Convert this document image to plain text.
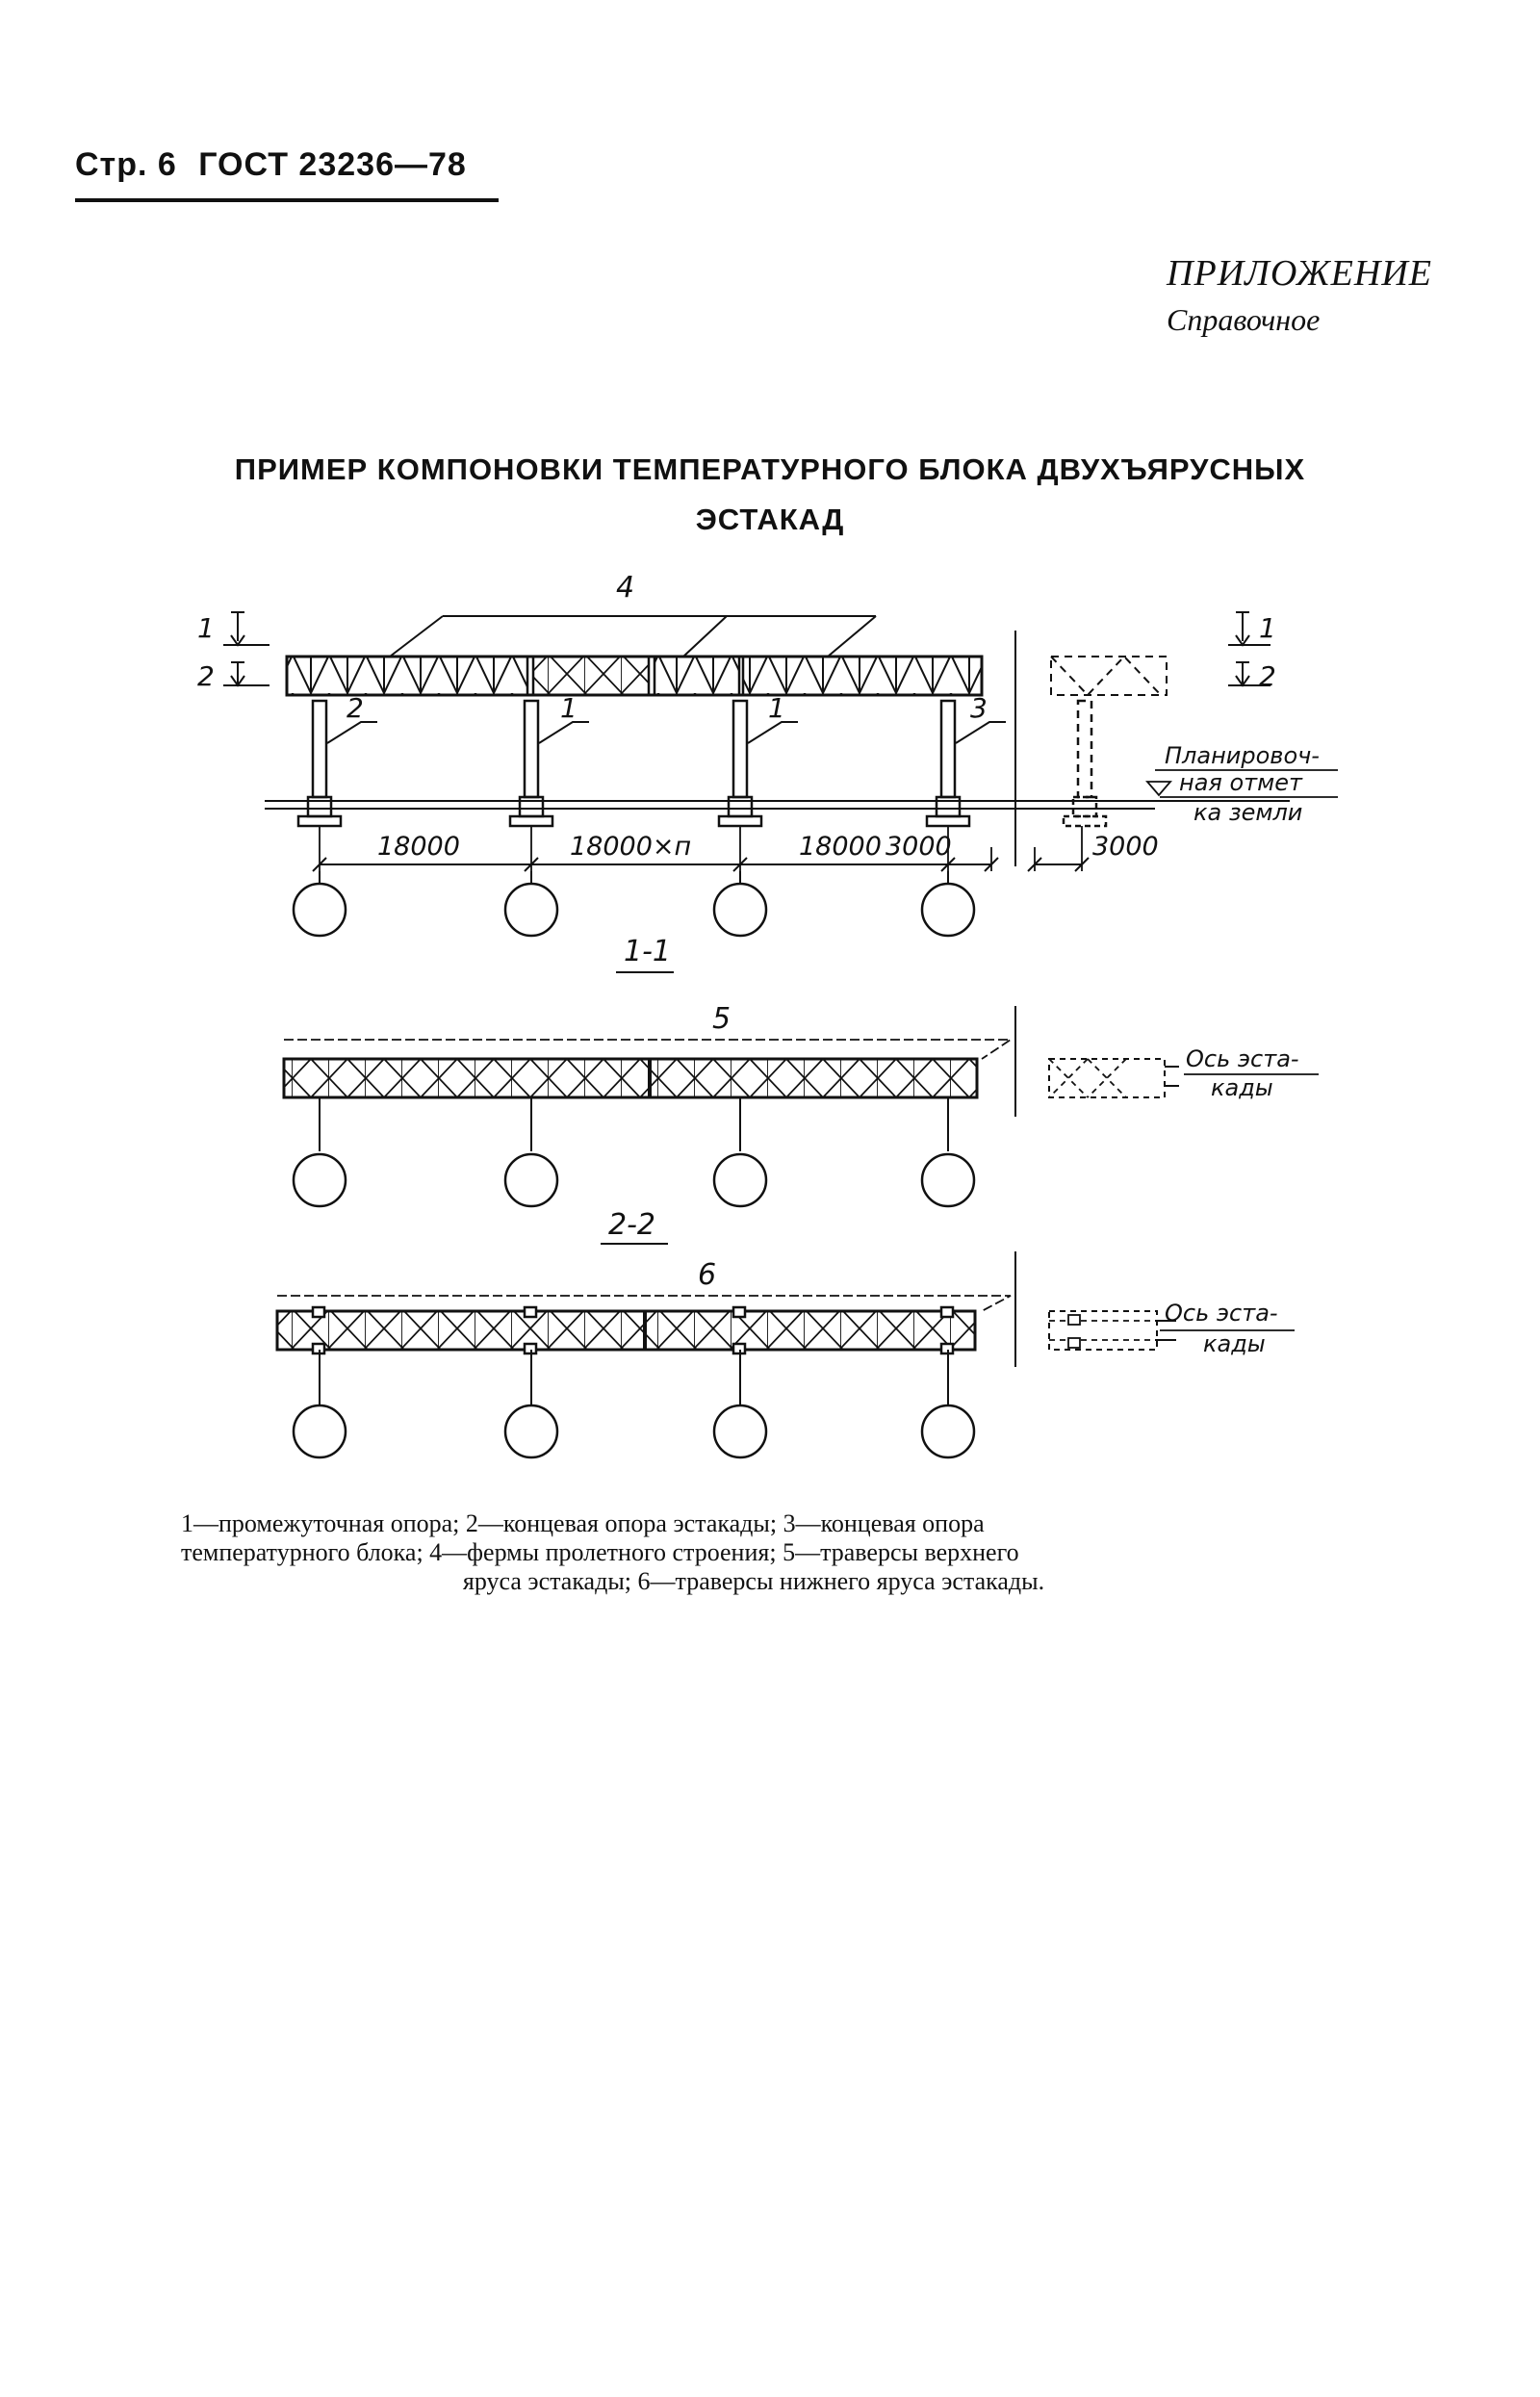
Стр. 6 ГОСТ 23236—78
ПРИЛОЖЕНИЕ
Справочное
ПРИМЕР КОМПОНОВКИ ТЕМПЕРАТУРНОГО БЛОКА ДВУХЪЯРУСНЫХ
ЭСТАКАД
4
1
2
1
2
2	1	1	3
Планировоч-
ная отмет
ка земли
18000	18000×п	18000 3000	3000
1-1
5
Ось эста-
кады
2-2
6
Ось эста-
кады
1—промежуточная опора; 2—концевая опора эстакады; 3—концевая опора
температурного блока; 4—фермы пролетного строения; 5—траверсы верхнего
яруса эстакады; 6—траверсы нижнего яруса эстакады.
